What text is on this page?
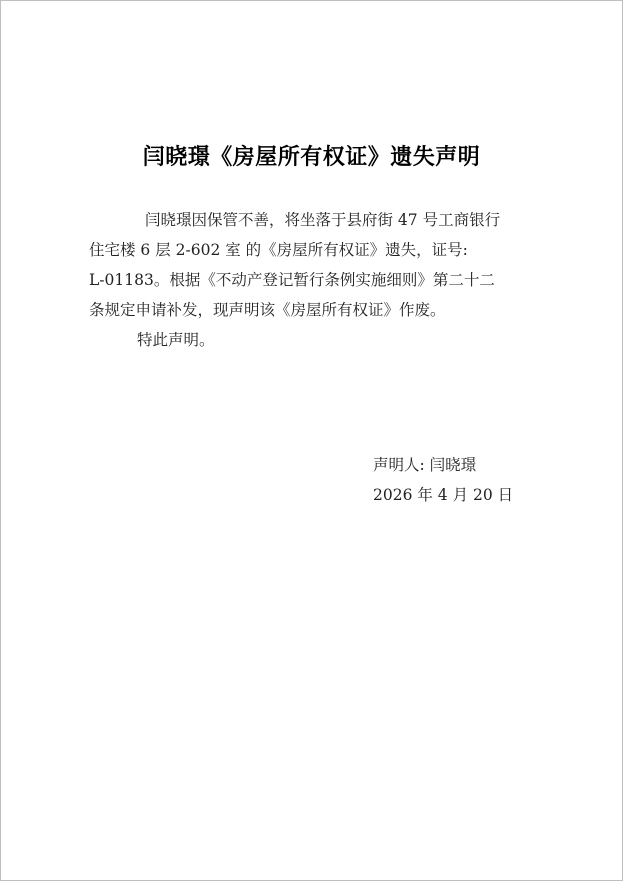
闫晓璟《房屋所有权证》遗失声明
闫晓璟因保管不善，将坐落于县府街 47 号工商银行
住宅楼 6 层 2-602 室 的《房屋所有权证》遗失，证号:
L-01183。根据《不动产登记暂行条例实施细则》第二十二
条规定申请补发，现声明该《房屋所有权证》作废。
特此声明。
声明人: 闫晓璟
2026 年 4 月 20 日
